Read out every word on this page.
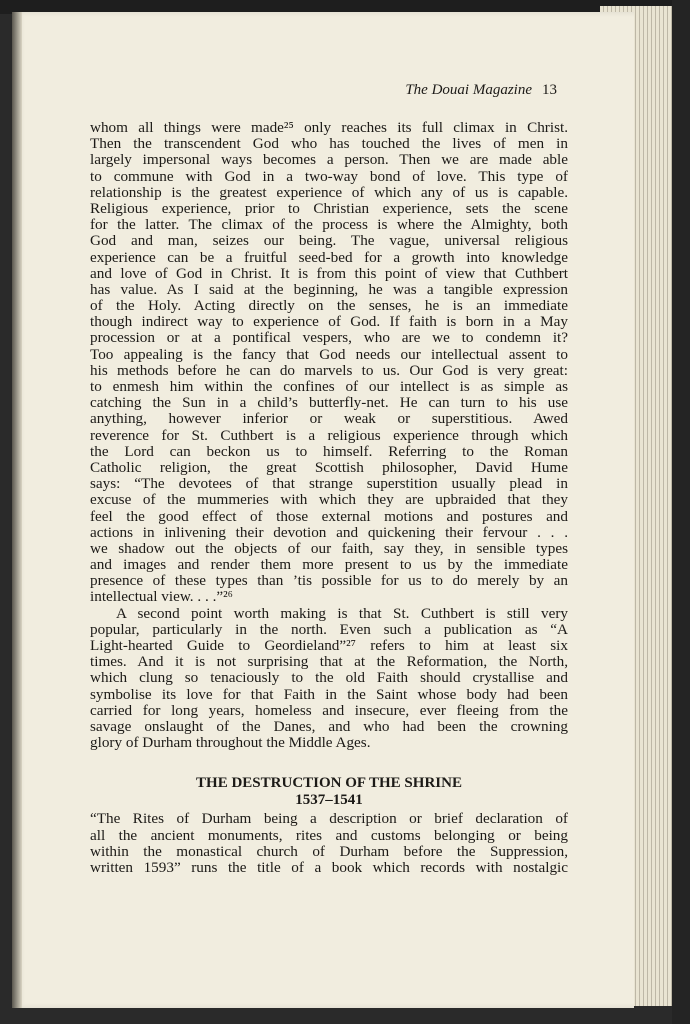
The Douai Magazine 13
whom all things were made²⁵ only reaches its full climax in Christ.
Then the transcendent God who has touched the lives of men in
largely impersonal ways becomes a person. Then we are made able
to commune with God in a two-way bond of love. This type of
relationship is the greatest experience of which any of us is capable.
Religious experience, prior to Christian experience, sets the scene
for the latter. The climax of the process is where the Almighty, both
God and man, seizes our being. The vague, universal religious
experience can be a fruitful seed-bed for a growth into knowledge
and love of God in Christ. It is from this point of view that Cuthbert
has value. As I said at the beginning, he was a tangible expression
of the Holy. Acting directly on the senses, he is an immediate
though indirect way to experience of God. If faith is born in a May
procession or at a pontifical vespers, who are we to condemn it?
Too appealing is the fancy that God needs our intellectual assent to
his methods before he can do marvels to us. Our God is very great:
to enmesh him within the confines of our intellect is as simple as
catching the Sun in a child’s butterfly-net. He can turn to his use
anything, however inferior or weak or superstitious. Awed
reverence for St. Cuthbert is a religious experience through which
the Lord can beckon us to himself. Referring to the Roman
Catholic religion, the great Scottish philosopher, David Hume
says: “The devotees of that strange superstition usually plead in
excuse of the mummeries with which they are upbraided that they
feel the good effect of those external motions and postures and
actions in inlivening their devotion and quickening their fervour . . .
we shadow out the objects of our faith, say they, in sensible types
and images and render them more present to us by the immediate
presence of these types than ’tis possible for us to do merely by an
intellectual view. . . .”²⁶
A second point worth making is that St. Cuthbert is still very
popular, particularly in the north. Even such a publication as “A
Light-hearted Guide to Geordieland”²⁷ refers to him at least six
times. And it is not surprising that at the Reformation, the North,
which clung so tenaciously to the old Faith should crystallise and
symbolise its love for that Faith in the Saint whose body had been
carried for long years, homeless and insecure, ever fleeing from the
savage onslaught of the Danes, and who had been the crowning
glory of Durham throughout the Middle Ages.
THE DESTRUCTION OF THE SHRINE
1537–1541
“The Rites of Durham being a description or brief declaration of
all the ancient monuments, rites and customs belonging or being
within the monastical church of Durham before the Suppression,
written 1593” runs the title of a book which records with nostalgic
